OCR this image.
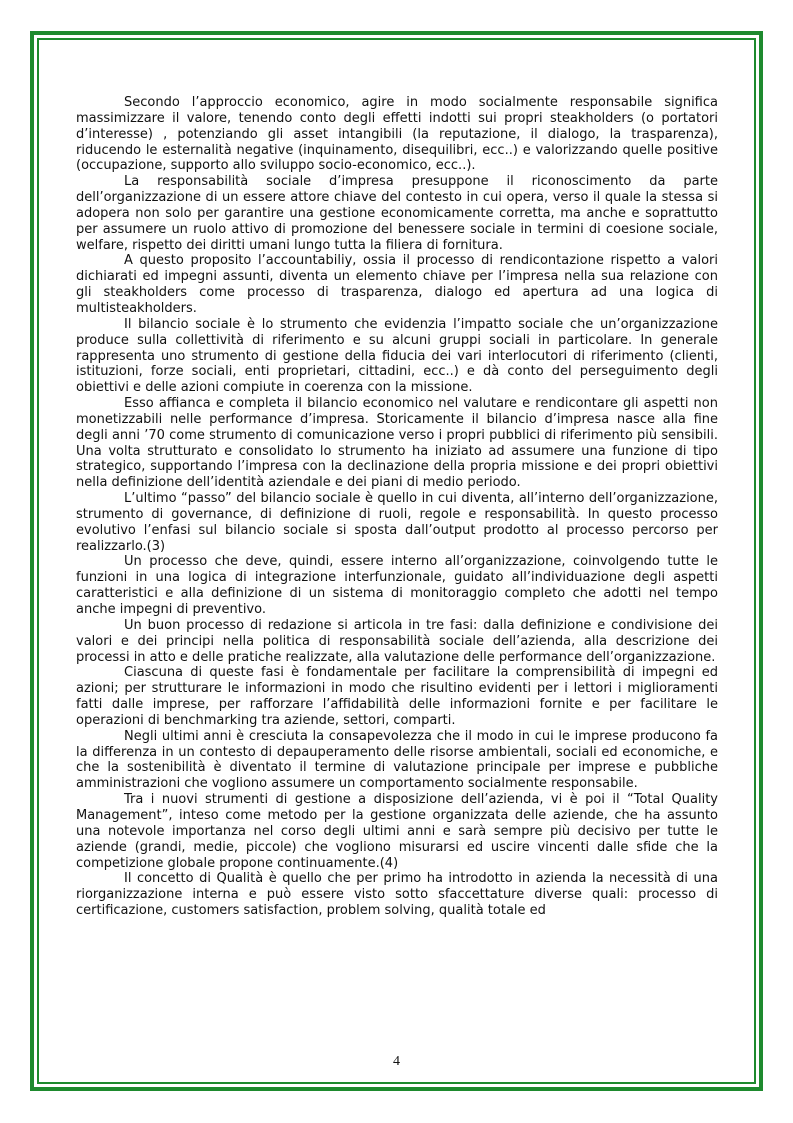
Secondo l’approccio economico, agire in modo socialmente responsabile significa massimizzare il valore, tenendo conto degli effetti indotti sui propri steakholders (o portatori d’interesse) , potenziando gli asset intangibili (la reputazione, il dialogo, la trasparenza), riducendo le esternalità negative (inquinamento, disequilibri, ecc..) e valorizzando quelle positive (occupazione, supporto allo sviluppo socio-economico, ecc..).

La responsabilità sociale d’impresa presuppone il riconoscimento da parte dell’organizzazione di un essere attore chiave del contesto in cui opera, verso il quale la stessa si adopera non solo per garantire una gestione economicamente corretta, ma anche e soprattutto per assumere un ruolo attivo di promozione del benessere sociale in termini di coesione sociale, welfare, rispetto dei diritti umani lungo tutta la filiera di fornitura.

A questo proposito l’accountabiliy, ossia il processo di rendicontazione rispetto a valori dichiarati ed impegni assunti, diventa un elemento chiave per l’impresa nella sua relazione con gli steakholders come processo di trasparenza, dialogo ed apertura ad una logica di multisteakholders.

Il bilancio sociale è lo strumento che evidenzia l’impatto sociale che un’organizzazione produce sulla collettività di riferimento e su alcuni gruppi sociali in particolare. In generale rappresenta uno strumento di gestione della fiducia dei vari interlocutori di riferimento (clienti, istituzioni, forze sociali, enti proprietari, cittadini, ecc..) e dà conto del perseguimento degli obiettivi e delle azioni compiute in coerenza con la missione.

Esso affianca e completa il bilancio economico nel valutare e rendicontare gli aspetti non monetizzabili nelle performance d’impresa. Storicamente il bilancio d’impresa nasce alla fine degli anni ’70 come strumento di comunicazione verso i propri pubblici di riferimento più sensibili. Una volta strutturato e consolidato lo strumento ha iniziato ad assumere una funzione di tipo strategico, supportando l’impresa con la declinazione della propria missione e dei propri obiettivi nella definizione dell’identità aziendale e dei piani di medio periodo.

L’ultimo “passo” del bilancio sociale è quello in cui diventa, all’interno dell’organizzazione, strumento di governance, di definizione di ruoli, regole e responsabilità. In questo processo evolutivo l’enfasi sul bilancio sociale si sposta dall’output prodotto al processo percorso per realizzarlo.(3)

Un processo che deve, quindi, essere interno all’organizzazione, coinvolgendo tutte le funzioni in una logica di integrazione interfunzionale, guidato all’individuazione degli aspetti caratteristici e alla definizione di un sistema di monitoraggio completo che adotti nel tempo anche impegni di preventivo.

Un buon processo di redazione si articola in tre fasi: dalla definizione e condivisione dei valori e dei principi nella politica di responsabilità sociale dell’azienda, alla descrizione dei processi in atto e delle pratiche realizzate, alla valutazione delle performance dell’organizzazione.

Ciascuna di queste fasi è fondamentale per facilitare la comprensibilità di impegni ed azioni; per strutturare le informazioni in modo che risultino evidenti per i lettori i miglioramenti fatti dalle imprese, per rafforzare l’affidabilità delle informazioni fornite e per facilitare le operazioni di benchmarking tra aziende, settori, comparti.

Negli ultimi anni è cresciuta la consapevolezza che il modo in cui le imprese producono fa la differenza in un contesto di depauperamento delle risorse ambientali, sociali ed economiche, e che la sostenibilità è diventato il termine di valutazione principale per imprese e pubbliche amministrazioni che vogliono assumere un comportamento socialmente responsabile.

Tra i nuovi strumenti di gestione a disposizione dell’azienda, vi è poi il “Total Quality Management”, inteso come metodo per la gestione organizzata delle aziende, che ha assunto una notevole importanza nel corso degli ultimi anni e sarà sempre più decisivo per tutte le aziende (grandi, medie, piccole) che vogliono misurarsi ed uscire vincenti dalle sfide che la competizione globale propone continuamente.(4)

Il concetto di Qualità è quello che per primo ha introdotto in azienda la necessità di una riorganizzazione interna e può essere visto sotto sfaccettature diverse quali: processo di certificazione, customers satisfaction, problem solving, qualità totale ed

4
